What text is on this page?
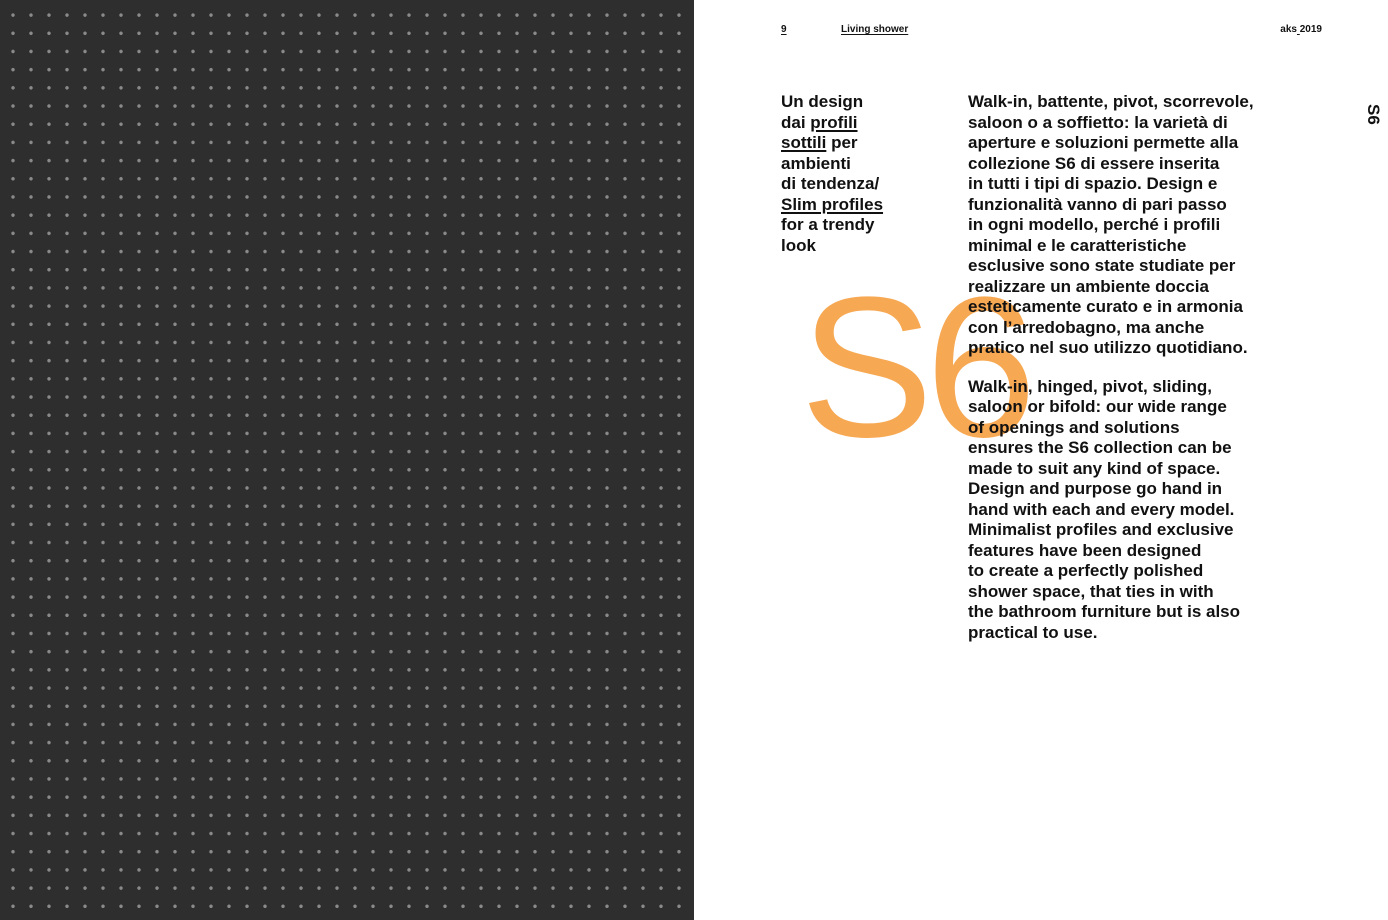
9	Living shower	aks 2019
S6
S6
Un design
dai profili
sottili per
ambienti
di tendenza/
Slim profiles
for a trendy
look
Walk-in, battente, pivot, scorrevole,
saloon o a soffietto: la varietà di
aperture e soluzioni permette alla
collezione S6 di essere inserita
in tutti i tipi di spazio. Design e
funzionalità vanno di pari passo
in ogni modello, perché i profili
minimal e le caratteristiche
esclusive sono state studiate per
realizzare un ambiente doccia
esteticamente curato e in armonia
con l’arredobagno, ma anche
pratico nel suo utilizzo quotidiano.
Walk-in, hinged, pivot, sliding,
saloon or bifold: our wide range
of openings and solutions
ensures the S6 collection can be
made to suit any kind of space.
Design and purpose go hand in
hand with each and every model.
Minimalist profiles and exclusive
features have been designed
to create a perfectly polished
shower space, that ties in with
the bathroom furniture but is also
practical to use.
